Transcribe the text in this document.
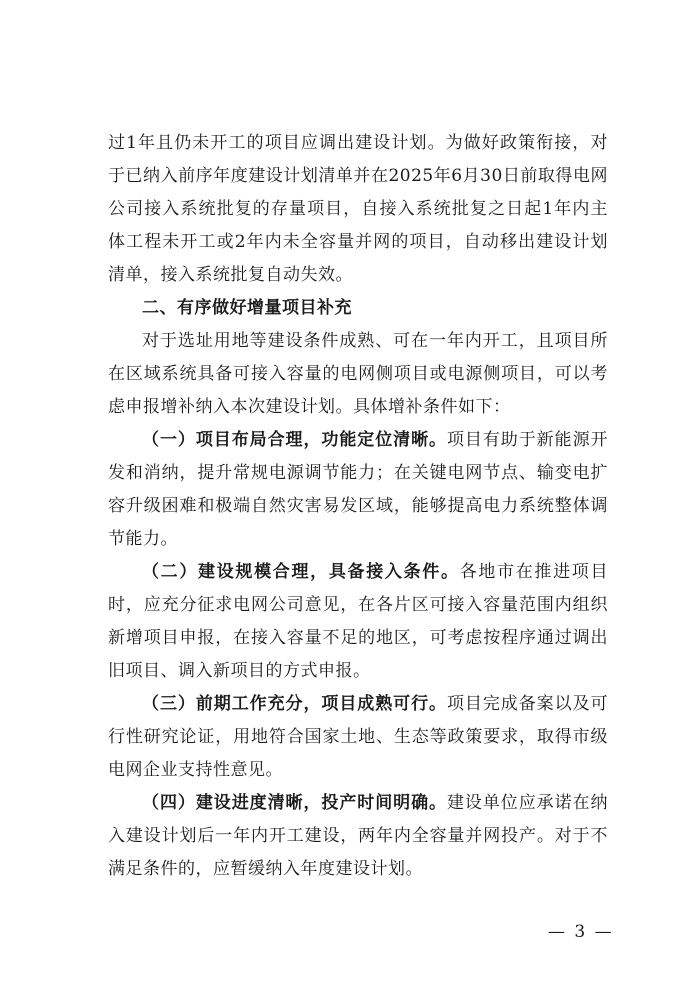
过1年且仍未开工的项目应调出建设计划。为做好政策衔接，对于已纳入前序年度建设计划清单并在2025年6月30日前取得电网公司接入系统批复的存量项目，自接入系统批复之日起1年内主体工程未开工或2年内未全容量并网的项目，自动移出建设计划清单，接入系统批复自动失效。

二、有序做好增量项目补充

对于选址用地等建设条件成熟、可在一年内开工，且项目所在区域系统具备可接入容量的电网侧项目或电源侧项目，可以考虑申报增补纳入本次建设计划。具体增补条件如下：

（一）项目布局合理，功能定位清晰。项目有助于新能源开发和消纳，提升常规电源调节能力；在关键电网节点、输变电扩容升级困难和极端自然灾害易发区域，能够提高电力系统整体调节能力。

（二）建设规模合理，具备接入条件。各地市在推进项目时，应充分征求电网公司意见，在各片区可接入容量范围内组织新增项目申报，在接入容量不足的地区，可考虑按程序通过调出旧项目、调入新项目的方式申报。

（三）前期工作充分，项目成熟可行。项目完成备案以及可行性研究论证，用地符合国家土地、生态等政策要求，取得市级电网企业支持性意见。

（四）建设进度清晰，投产时间明确。建设单位应承诺在纳入建设计划后一年内开工建设，两年内全容量并网投产。对于不满足条件的，应暂缓纳入年度建设计划。

— 3 —
